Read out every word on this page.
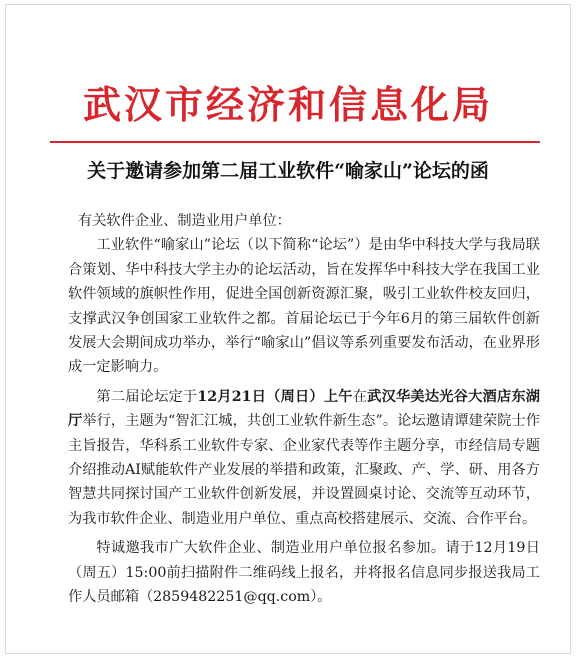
武汉市经济和信息化局
关于邀请参加第二届工业软件“喻家山”论坛的函

有关软件企业、制造业用户单位：

工业软件“喻家山”论坛（以下简称“论坛”）是由华中科技大学与我局联合策划、华中科技大学主办的论坛活动，旨在发挥华中科技大学在我国工业软件领域的旗帜性作用，促进全国创新资源汇聚，吸引工业软件校友回归，支撑武汉争创国家工业软件之都。首届论坛已于今年6月的第三届软件创新发展大会期间成功举办，举行“喻家山”倡议等系列重要发布活动，在业界形成一定影响力。

第二届论坛定于12月21日（周日）上午在武汉华美达光谷大酒店东湖厅举行，主题为“智汇江城，共创工业软件新生态”。论坛邀请谭建荣院士作主旨报告，华科系工业软件专家、企业家代表等作主题分享，市经信局专题介绍推动AI赋能软件产业发展的举措和政策，汇聚政、产、学、研、用各方智慧共同探讨国产工业软件创新发展，并设置圆桌讨论、交流等互动环节，为我市软件企业、制造业用户单位、重点高校搭建展示、交流、合作平台。

特诚邀我市广大软件企业、制造业用户单位报名参加。请于12月19日（周五）15:00前扫描附件二维码线上报名，并将报名信息同步报送我局工作人员邮箱（2859482251@qq.com）。
